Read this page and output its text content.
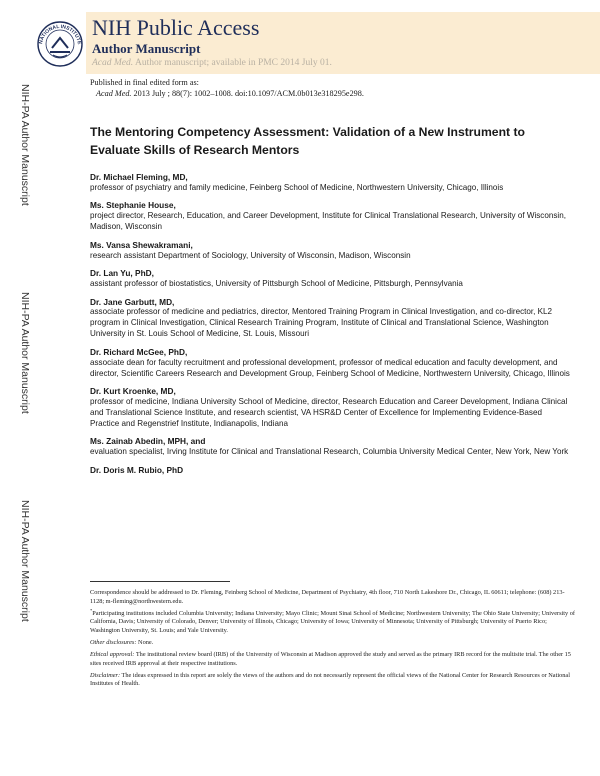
NATIONAL INSTITUTE
NIH Public Access
Author Manuscript
Acad Med. Author manuscript; available in PMC 2014 July 01.
NIH-PA Author Manuscript
NIH-PA Author Manuscript
NIH-PA Author Manuscript
Published in final edited form as:
Acad Med. 2013 July ; 88(7): 1002–1008. doi:10.1097/ACM.0b013e318295e298.
The Mentoring Competency Assessment: Validation of a New Instrument to Evaluate Skills of Research Mentors
Dr. Michael Fleming, MD,
professor of psychiatry and family medicine, Feinberg School of Medicine, Northwestern University, Chicago, Illinois
Ms. Stephanie House,
project director, Research, Education, and Career Development, Institute for Clinical Translational Research, University of Wisconsin, Madison, Wisconsin
Ms. Vansa Shewakramani,
research assistant Department of Sociology, University of Wisconsin, Madison, Wisconsin
Dr. Lan Yu, PhD,
assistant professor of biostatistics, University of Pittsburgh School of Medicine, Pittsburgh, Pennsylvania
Dr. Jane Garbutt, MD,
associate professor of medicine and pediatrics, director, Mentored Training Program in Clinical Investigation, and co-director, KL2 program in Clinical Investigation, Clinical Research Training Program, Institute of Clinical and Translational Science, Washington University in St. Louis School of Medicine, St. Louis, Missouri
Dr. Richard McGee, PhD,
associate dean for faculty recruitment and professional development, professor of medical education and faculty development, and director, Scientific Careers Research and Development Group, Feinberg School of Medicine, Northwestern University, Chicago, Illinois
Dr. Kurt Kroenke, MD,
professor of medicine, Indiana University School of Medicine, director, Research Education and Career Development, Indiana Clinical and Translational Science Institute, and research scientist, VA HSR&D Center of Excellence for Implementing Evidence-Based Practice and Regenstrief Institute, Indianapolis, Indiana
Ms. Zainab Abedin, MPH, and
evaluation specialist, Irving Institute for Clinical and Translational Research, Columbia University Medical Center, New York, New York
Dr. Doris M. Rubio, PhD
Correspondence should be addressed to Dr. Fleming, Feinberg School of Medicine, Department of Psychiatry, 4th floor, 710 North Lakeshore Dr., Chicago, IL 60611; telephone: (608) 213-1128; m-fleming@northwestern.edu.
*Participating institutions included Columbia University; Indiana University; Mayo Clinic; Mount Sinai School of Medicine; Northwestern University; The Ohio State University; University of California, Davis; University of Colorado, Denver; University of Illinois, Chicago; University of Iowa; University of Minnesota; University of Pittsburgh; University of Puerto Rico; Washington University, St. Louis; and Yale University.
Other disclosures: None.
Ethical approval: The institutional review board (IRB) of the University of Wisconsin at Madison approved the study and served as the primary IRB record for the multisite trial. The other 15 sites received IRB approval at their respective institutions.
Disclaimer: The ideas expressed in this report are solely the views of the authors and do not necessarily represent the official views of the National Center for Research Resources or National Institutes of Health.
